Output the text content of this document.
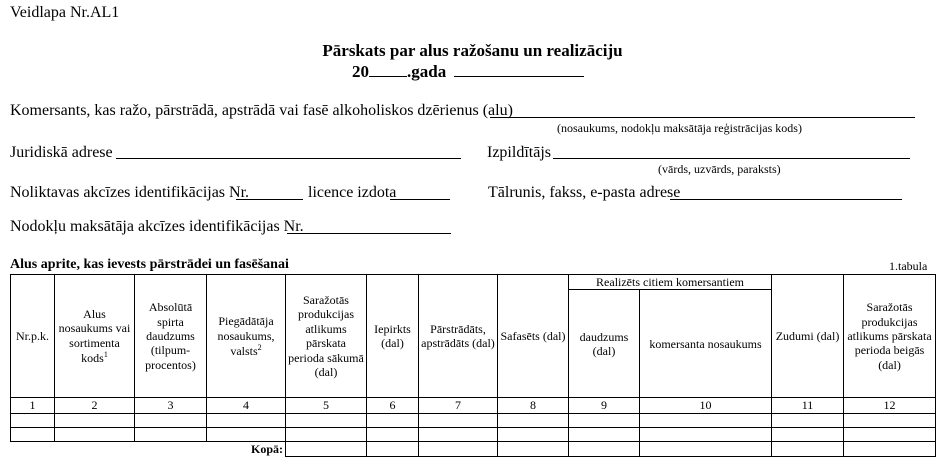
Veidlapa Nr.AL1
Pārskats par alus ražošanu un realizāciju
20 .gada
Komersants, kas ražo, pārstrādā, apstrādā vai fasē alkoholiskos dzērienus (alu)
(nosaukums, nodokļu maksātāja reģistrācijas kods)
Juridiskā adrese	Izpildītājs
(vārds, uzvārds, paraksts)
Noliktavas akcīzes identifikācijas Nr.	licence izdota	Tālrunis, fakss, e-pasta adrese
Nodokļu maksātāja akcīzes identifikācijas Nr.
Alus aprite, kas ievests pārstrādei un fasēšanai	1.tabula
Nr.p.k.	Alus nosaukums vai sortimenta kods$^1$	Absolūtā spirta daudzums (tilpum-procentos)	Piegādātāja nosaukums, valsts$^2$	Saražotās produkcijas atlikums pārskata perioda sākumā (dal)	Iepirkts (dal)	Pārstrādāts, apstrādāts (dal)	Safasēts (dal)	Realizēts citiem komersantiem		Zudumi (dal)	Saražotās produkcijas atlikums pārskata perioda beigās (dal)
								daudzums (dal)	komersanta nosaukums		
1	2	3	4	5	6	7	8	9	10	11	12

Kopā:											
